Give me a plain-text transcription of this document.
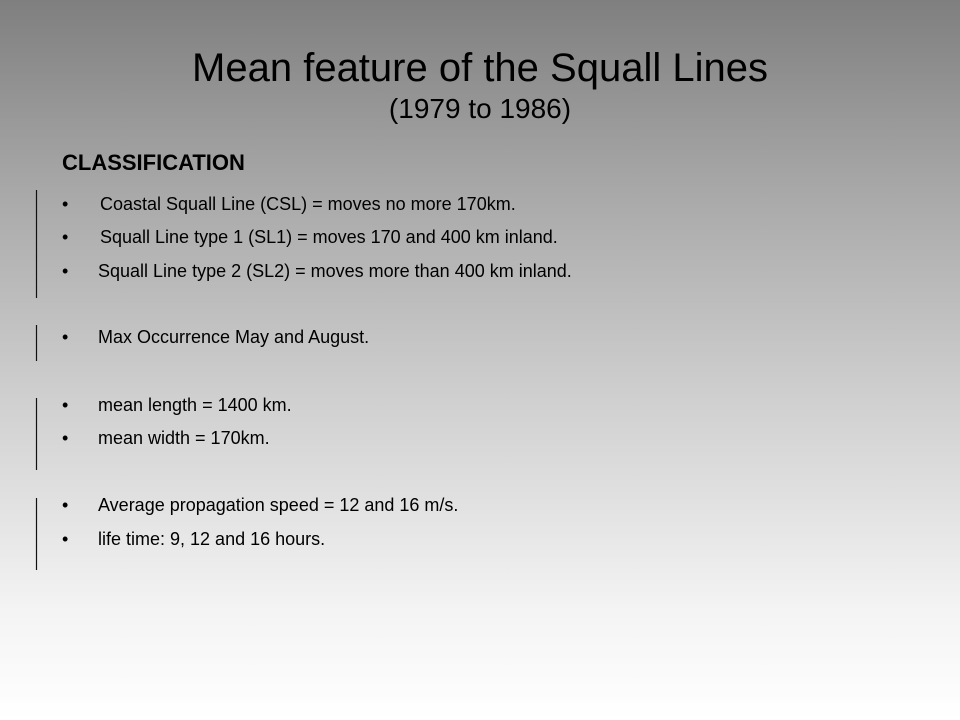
Mean feature of the Squall Lines
(1979 to 1986)
CLASSIFICATION
•	Coastal Squall Line (CSL) = moves no more 170km.
•	Squall Line type 1 (SL1) = moves 170 and 400 km inland.
•	Squall Line type 2 (SL2) = moves more than 400 km inland.
•	Max Occurrence May and August.
•	mean length = 1400 km.
•	mean width = 170km.
•	Average propagation speed = 12 and 16 m/s.
•	life time: 9, 12 and 16 hours.
